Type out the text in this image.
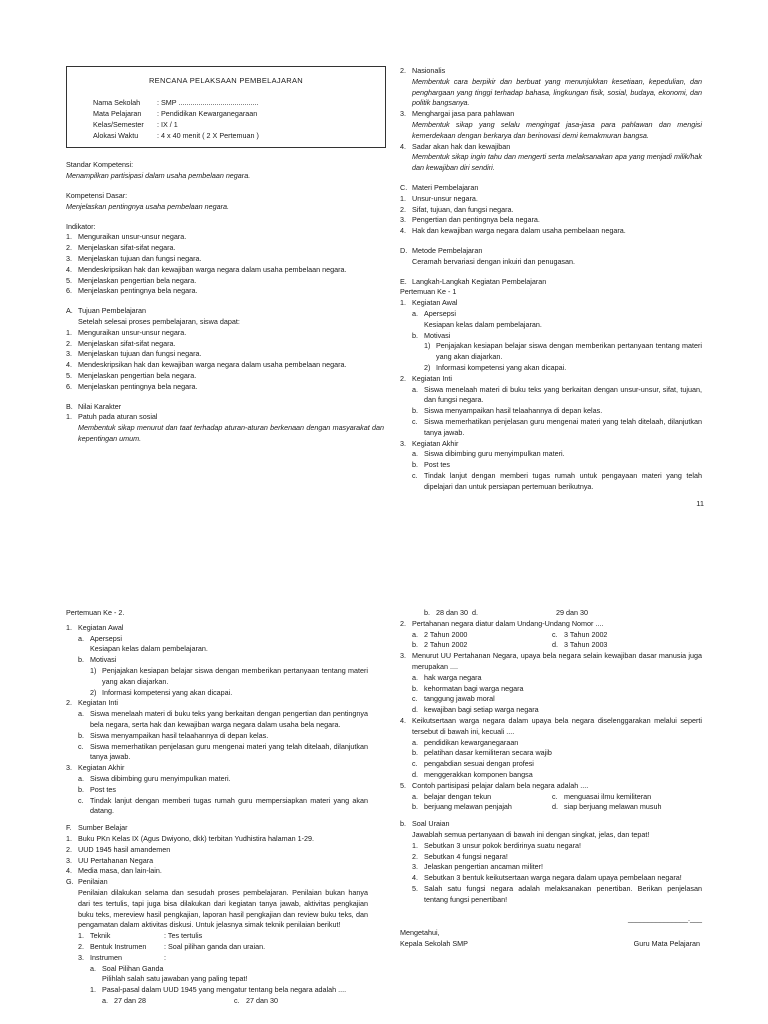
RENCANA PELAKSAAN PEMBELAJARAN
Nama Sekolah	: SMP ........................................
Mata Pelajaran	: Pendidikan Kewarganegaraan
Kelas/Semester	: IX / 1
Alokasi Waktu	: 4 x 40 menit ( 2 X Pertemuan )
Standar Kompetensi:
Menampilkan partisipasi dalam usaha pembelaan negara.
Kompetensi Dasar:
Menjelaskan pentingnya usaha pembelaan negara.
Indikator:
1. Menguraikan unsur-unsur negara.
2. Menjelaskan sifat-sifat negara.
3. Menjelaskan tujuan dan fungsi negara.
4. Mendeskripsikan hak dan kewajiban warga negara dalam usaha pembelaan negara.
5. Menjelaskan pengertian bela negara.
6. Menjelaskan pentingnya bela negara.
A. Tujuan Pembelajaran
Setelah selesai proses pembelajaran, siswa dapat:
1. Menguraikan unsur-unsur negara.
2. Menjelaskan sifat-sifat negara.
3. Menjelaskan tujuan dan fungsi negara.
4. Mendeskripsikan hak dan kewajiban warga negara dalam usaha pembelaan negara.
5. Menjelaskan pengertian bela negara.
6. Menjelaskan pentingnya bela negara.
B. Nilai Karakter
1. Patuh pada aturan sosial
Membentuk sikap menurut dan taat terhadap aturan-aturan berkenaan dengan masyarakat dan kepentingan umum.
2. Nasionalis
Membentuk cara berpikir dan berbuat yang menunjukkan kesetiaan, kepedulian, dan penghargaan yang tinggi terhadap bahasa, lingkungan fisik, sosial, budaya, ekonomi, dan politik bangsanya.
3. Menghargai jasa para pahlawan
Membentuk sikap yang selalu mengingat jasa-jasa para pahlawan dan mengisi kemerdekaan dengan berkarya dan berinovasi demi kemakmuran bangsa.
4. Sadar akan hak dan kewajiban
Membentuk sikap ingin tahu dan mengerti serta melaksanakan apa yang menjadi milik/hak dan kewajiban diri sendiri.
C. Materi Pembelajaran
1. Unsur-unsur negara.
2. Sifat, tujuan, dan fungsi negara.
3. Pengertian dan pentingnya bela negara.
4. Hak dan kewajiban warga negara dalam usaha pembelaan negara.
D. Metode Pembelajaran
Ceramah bervariasi dengan inkuiri dan penugasan.
E. Langkah-Langkah Kegiatan Pembelajaran
Pertemuan Ke - 1
1. Kegiatan Awal
a. Apersepsi
Kesiapan kelas dalam pembelajaran.
b. Motivasi
1) Penjajakan kesiapan belajar siswa dengan memberikan pertanyaan tentang materi yang akan diajarkan.
2) Informasi kompetensi yang akan dicapai.
2. Kegiatan Inti
a. Siswa menelaah materi di buku teks yang berkaitan dengan unsur-unsur, sifat, tujuan, dan fungsi negara.
b. Siswa menyampaikan hasil telaahannya di depan kelas.
c. Siswa memerhatikan penjelasan guru mengenai materi yang telah ditelaah, dilanjutkan tanya jawab.
3. Kegiatan Akhir
a. Siswa dibimbing guru menyimpulkan materi.
b. Post tes
c. Tindak lanjut dengan memberi tugas rumah untuk pengayaan materi yang telah dipelajari dan untuk persiapan pertemuan berikutnya.
11
Pertemuan Ke - 2.
1. Kegiatan Awal
a. Apersepsi
Kesiapan kelas dalam pembelajaran.
b. Motivasi
1) Penjajakan kesiapan belajar siswa dengan memberikan pertanyaan tentang materi yang akan diajarkan.
2) Informasi kompetensi yang akan dicapai.
2. Kegiatan Inti
a. Siswa menelaah materi di buku teks yang berkaitan dengan pengertian dan pentingnya bela negara, serta hak dan kewajiban warga negara dalam usaha bela negara.
b. Siswa menyampaikan hasil telaahannya di depan kelas.
c. Siswa memerhatikan penjelasan guru mengenai materi yang telah ditelaah, dilanjutkan tanya jawab.
3. Kegiatan Akhir
a. Siswa dibimbing guru menyimpulkan materi.
b. Post tes
c. Tindak lanjut dengan memberi tugas rumah guru mempersiapkan materi yang akan datang.
F. Sumber Belajar
1. Buku PKn Kelas IX (Agus Dwiyono, dkk) terbitan Yudhistira halaman 1-29.
2. UUD 1945 hasil amandemen
3. UU Pertahanan Negara
4. Media masa, dan lain-lain.
G. Penilaian
Penilaian dilakukan selama dan sesudah proses pembelajaran. Penilaian bukan hanya dari tes tertulis, tapi juga bisa dilakukan dari kegiatan tanya jawab, aktivitas pengkajian buku teks, mereview hasil pengkajian, laporan hasil pengkajian dan review buku teks, dan pengamatan dalam aktivitas diskusi. Untuk jelasnya simak teknik penilaian berikut!
1. Teknik	: Tes tertulis
2. Bentuk Instrumen	: Soal pilihan ganda dan uraian.
3. Instrumen	:
a. Soal Pilihan Ganda
Pilihlah salah satu jawaban yang paling tepat!
1. Pasal-pasal dalam UUD 1945 yang mengatur tentang bela negara adalah ....
a. 27 dan 28	c. 27 dan 30
b. 28 dan 30  d.	29 dan 30
2. Pertahanan negara diatur dalam Undang-Undang Nomor ....
a. 2 Tahun 2000	c. 3 Tahun 2002
b. 2 Tahun 2002	d. 3 Tahun 2003
3. Menurut UU Pertahanan Negara, upaya bela negara selain kewajiban dasar manusia juga merupakan ....
a. hak warga negara
b. kehormatan bagi warga negara
c. tanggung jawab moral
d. kewajiban bagi setiap warga negara
4. Keikutsertaan warga negara dalam upaya bela negara diselenggarakan melalui seperti tersebut di bawah ini, kecuali ....
a. pendidikan kewarganegaraan
b. pelatihan dasar kemiliteran secara wajib
c. pengabdian sesuai dengan profesi
d. menggerakkan komponen bangsa
5. Contoh partisipasi pelajar dalam bela negara adalah ....
a. belajar dengan tekun	c. menguasai ilmu kemiliteran
b. berjuang melawan penjajah	d. siap berjuang melawan musuh
b. Soal Uraian
Jawablah semua pertanyaan di bawah ini dengan singkat, jelas, dan tepat!
1. Sebutkan 3 unsur pokok berdirinya suatu negara!
2. Sebutkan 4 fungsi negara!
3. Jelaskan pengertian ancaman militer!
4. Sebutkan 3 bentuk keikutsertaan warga negara dalam upaya pembelaan negara!
5. Salah satu fungsi negara adalah melaksanakan penertiban. Berikan penjelasan tentang fungsi penertiban!
_______________.___
Mengetahui,
Kepala Sekolah SMP	Guru Mata Pelajaran
